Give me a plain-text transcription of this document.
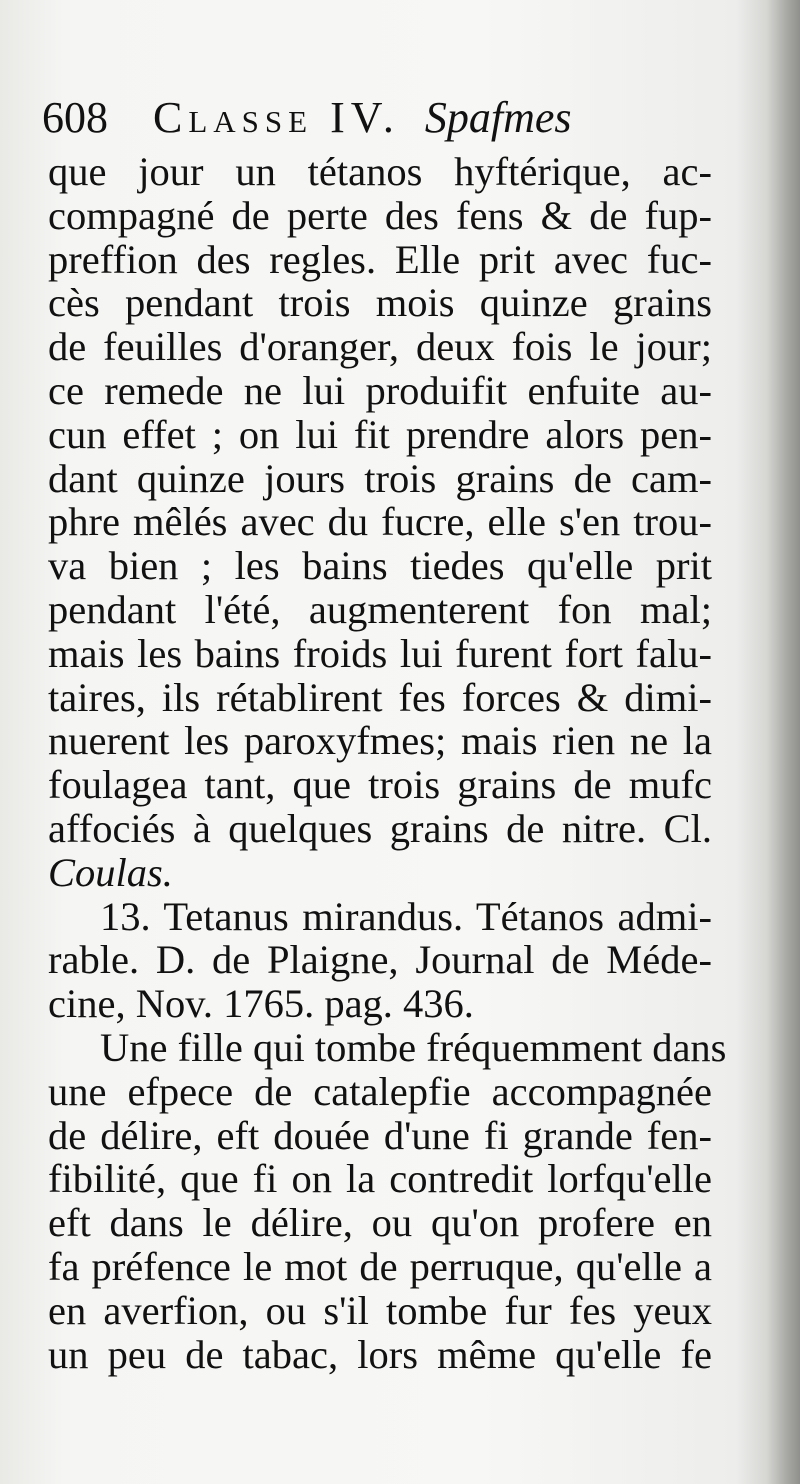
608 Classe IV. Spafmes
que jour un tétanos hyftérique, ac-
compagné de perte des fens & de fup-
preffion des regles. Elle prit avec fuc-
cès pendant trois mois quinze grains
de feuilles d'oranger, deux fois le jour;
ce remede ne lui produifit enfuite au-
cun effet ; on lui fit prendre alors pen-
dant quinze jours trois grains de cam-
phre mêlés avec du fucre, elle s'en trou-
va bien ; les bains tiedes qu'elle prit
pendant l'été, augmenterent fon mal;
mais les bains froids lui furent fort falu-
taires, ils rétablirent fes forces & dimi-
nuerent les paroxyfmes; mais rien ne la
foulagea tant, que trois grains de mufc
affociés à quelques grains de nitre. Cl.
Coulas.
13. Tetanus mirandus. Tétanos admi-
rable. D. de Plaigne, Journal de Méde-
cine, Nov. 1765. pag. 436.
Une fille qui tombe fréquemment dans
une efpece de catalepfie accompagnée
de délire, eft douée d'une fi grande fen-
fibilité, que fi on la contredit lorfqu'elle
eft dans le délire, ou qu'on profere en
fa préfence le mot de perruque, qu'elle a
en averfion, ou s'il tombe fur fes yeux
un peu de tabac, lors même qu'elle fe
